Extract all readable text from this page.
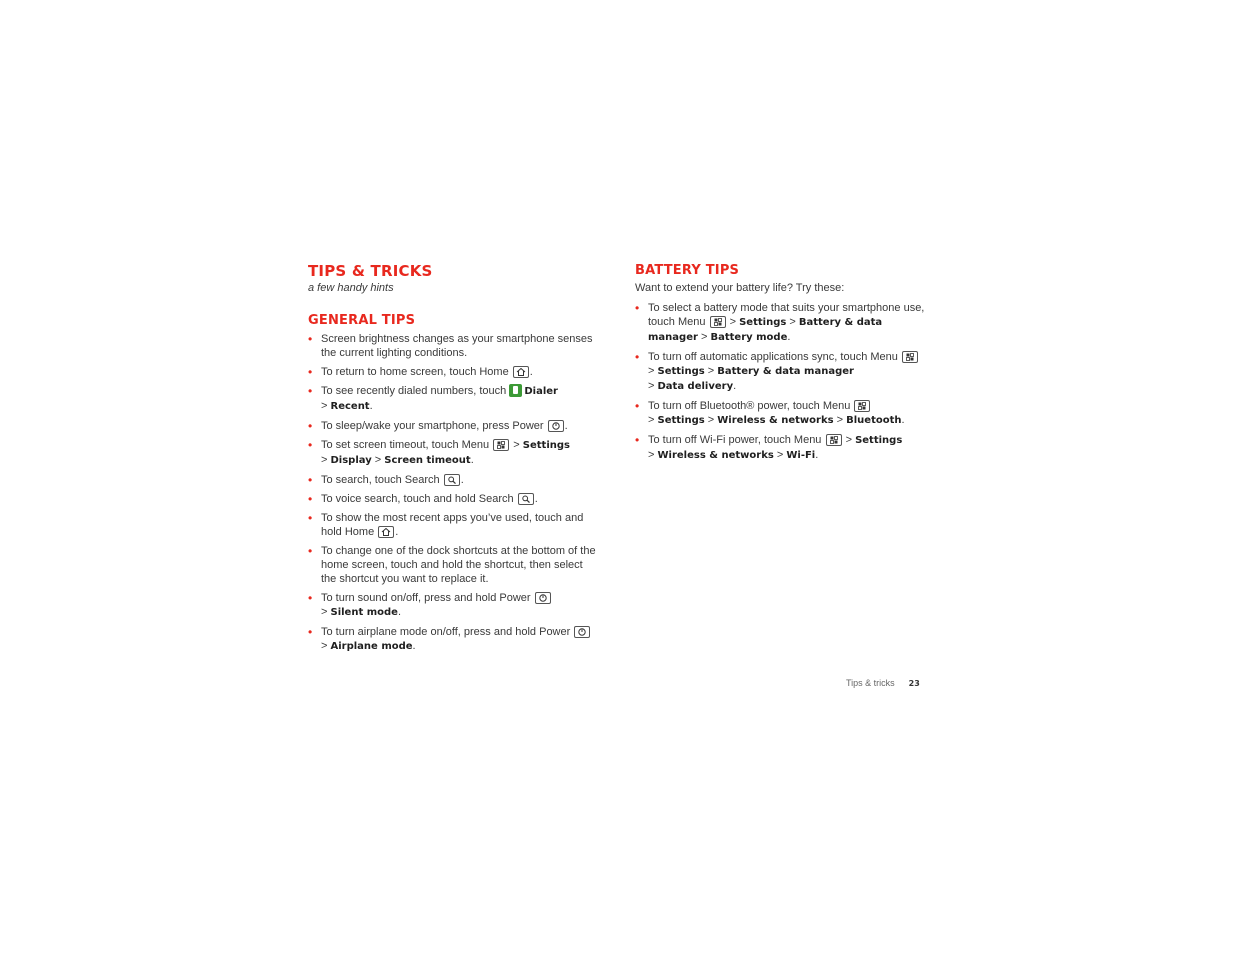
TIPS & TRICKS

a few handy hints

GENERAL TIPS
• Screen brightness changes as your smartphone senses the current lighting conditions.
• To return to home screen, touch Home .
• To see recently dialed numbers, touch Dialer
> Recent.
• To sleep/wake your smartphone, press Power .
• To set screen timeout, touch Menu > Settings
> Display > Screen timeout.
• To search, touch Search .
• To voice search, touch and hold Search .
• To show the most recent apps you’ve used, touch and hold Home .
• To change one of the dock shortcuts at the bottom of the home screen, touch and hold the shortcut, then select the shortcut you want to replace it.
• To turn sound on/off, press and hold Power

> Silent mode.
• To turn airplane mode on/off, press and hold Power
> Airplane mode.
BATTERY TIPS

Want to extend your battery life? Try these:

• To select a battery mode that suits your smartphone use, touch Menu > Settings > Battery & data manager > Battery mode.
• To turn off automatic applications sync, touch Menu
> Settings > Battery & data manager
> Data delivery.
• To turn off Bluetooth® power, touch Menu

> Settings > Wireless & networks > Bluetooth.
• To turn off Wi-Fi power, touch Menu > Settings
> Wireless & networks > Wi-Fi.
Tips & tricks 23
